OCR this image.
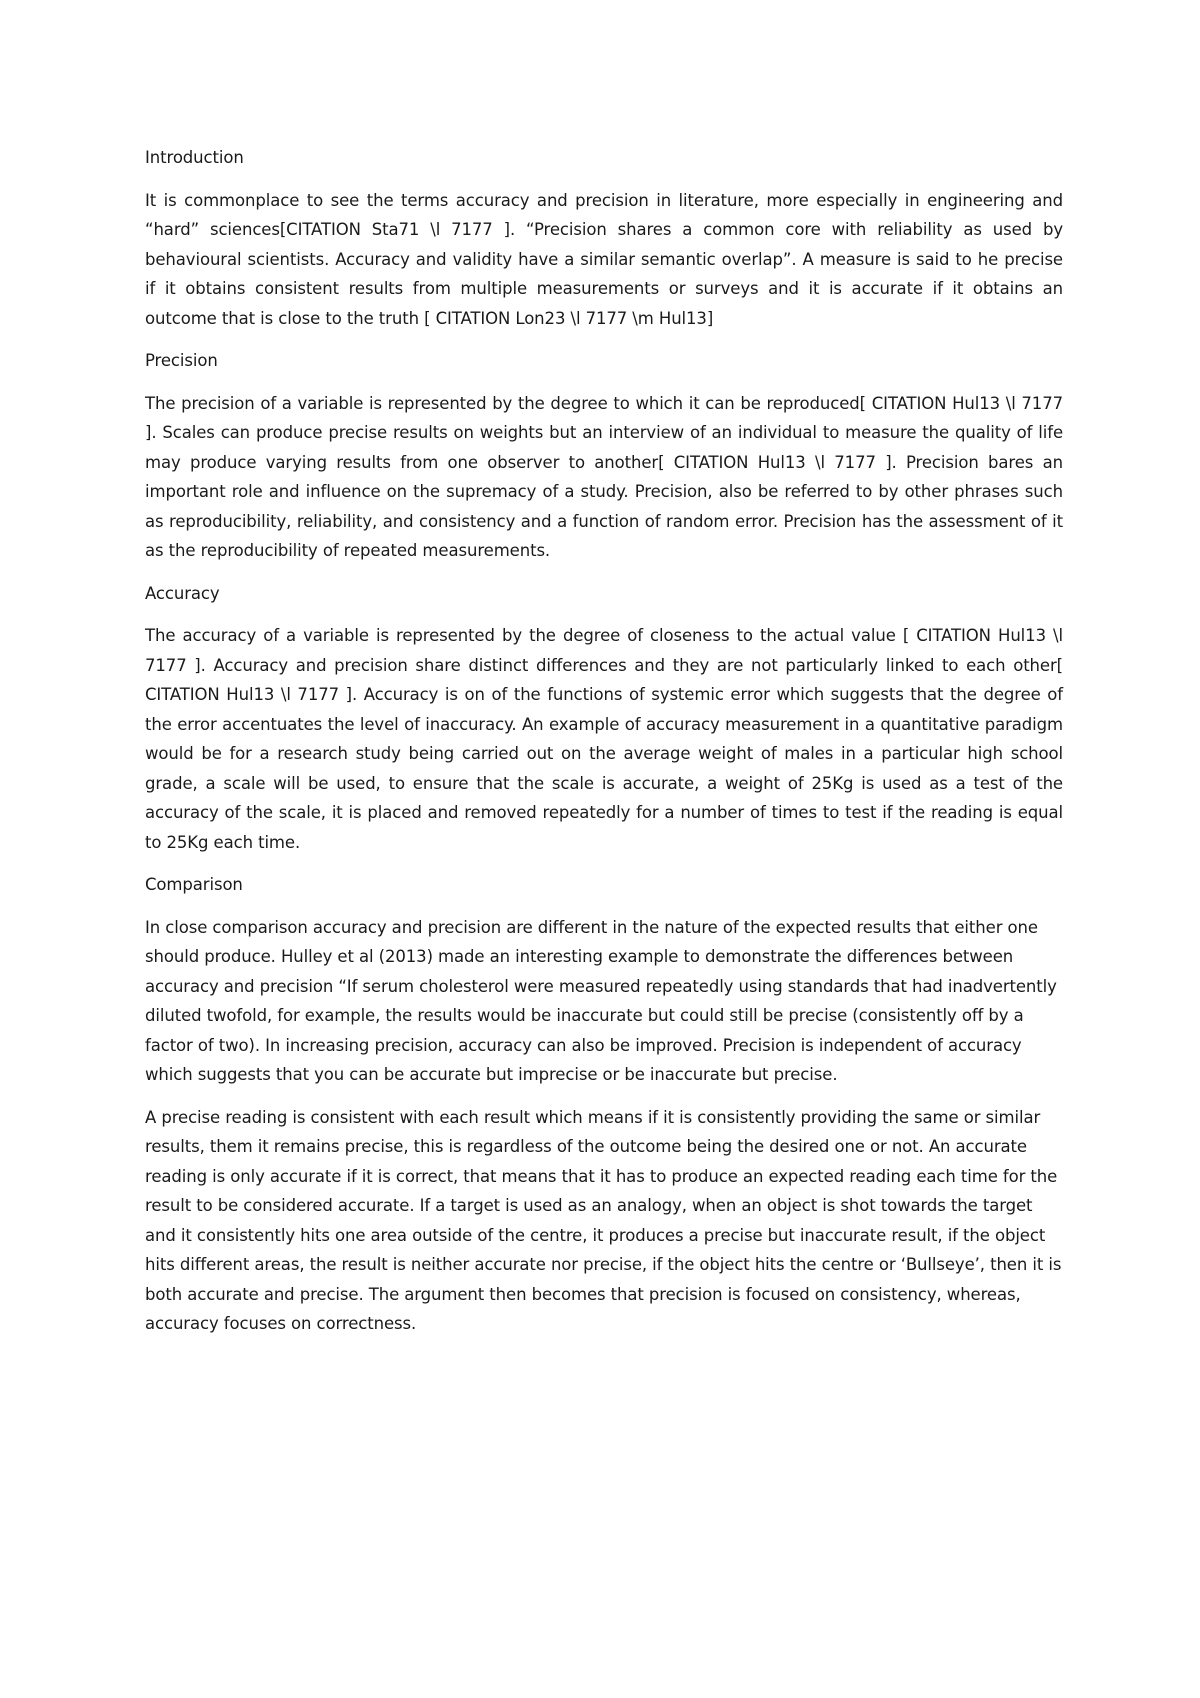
Introduction

It is commonplace to see the terms accuracy and precision in literature, more especially in engineering and “hard” sciences[CITATION Sta71 \l 7177 ]. “Precision shares a common core with reliability as used by behavioural scientists. Accuracy and validity have a similar semantic overlap”. A measure is said to he precise if it obtains consistent results from multiple measurements or surveys and it is accurate if it obtains an outcome that is close to the truth [ CITATION Lon23 \l 7177 \m Hul13]

Precision

The precision of a variable is represented by the degree to which it can be reproduced[ CITATION Hul13 \l 7177 ]. Scales can produce precise results on weights but an interview of an individual to measure the quality of life may produce varying results from one observer to another[ CITATION Hul13 \l 7177 ]. Precision bares an important role and influence on the supremacy of a study. Precision, also be referred to by other phrases such as reproducibility, reliability, and consistency and a function of random error. Precision has the assessment of it as the reproducibility of repeated measurements.

Accuracy

The accuracy of a variable is represented by the degree of closeness to the actual value [ CITATION Hul13 \l 7177 ]. Accuracy and precision share distinct differences and they are not particularly linked to each other[ CITATION Hul13 \l 7177 ]. Accuracy is on of the functions of systemic error which suggests that the degree of the error accentuates the level of inaccuracy. An example of accuracy measurement in a quantitative paradigm would be for a research study being carried out on the average weight of males in a particular high school grade, a scale will be used, to ensure that the scale is accurate, a weight of 25Kg is used as a test of the accuracy of the scale, it is placed and removed repeatedly for a number of times to test if the reading is equal to 25Kg each time.

Comparison

In close comparison accuracy and precision are different in the nature of the expected results that either one should produce. Hulley et al (2013) made an interesting example to demonstrate the differences between accuracy and precision “If serum cholesterol were measured repeatedly using standards that had inadvertently diluted twofold, for example, the results would be inaccurate but could still be precise (consistently off by a factor of two). In increasing precision, accuracy can also be improved. Precision is independent of accuracy which suggests that you can be accurate but imprecise or be inaccurate but precise.

A precise reading is consistent with each result which means if it is consistently providing the same or similar results, them it remains precise, this is regardless of the outcome being the desired one or not. An accurate reading is only accurate if it is correct, that means that it has to produce an expected reading each time for the result to be considered accurate. If a target is used as an analogy, when an object is shot towards the target and it consistently hits one area outside of the centre, it produces a precise but inaccurate result, if the object hits different areas, the result is neither accurate nor precise, if the object hits the centre or ‘Bullseye’, then it is both accurate and precise. The argument then becomes that precision is focused on consistency, whereas, accuracy focuses on correctness.
